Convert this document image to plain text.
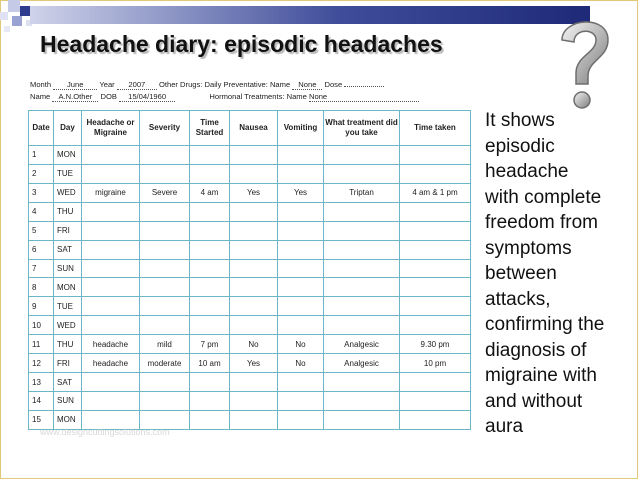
Headache diary: episodic headaches
Month June Year 2007 Other Drugs: Daily Preventative: Name None Dose
Name A.N.Other DOB 15/04/1960	Hormonal Treatments: Name None
Date	Day	Headache or Migraine	Severity	Time Started	Nausea	Vomiting	What treatment did you take	Time taken
1	MON							
2	TUE							
3	WED	migraine	Severe	4 am	Yes	Yes	Triptan	4 am & 1 pm
4	THU							
5	FRI							
6	SAT							
7	SUN							
8	MON							
9	TUE							
10	WED							
11	THU	headache	mild	7 pm	No	No	Analgesic	9.30 pm
12	FRI	headache	moderate	10 am	Yes	No	Analgesic	10 pm
13	SAT							
14	SUN							
15	MON							
It shows
episodic
headache
with complete
freedom from
symptoms
between
attacks,
confirming the
diagnosis of
migraine with
and without
aura
www.designcuttingsolutions.com
